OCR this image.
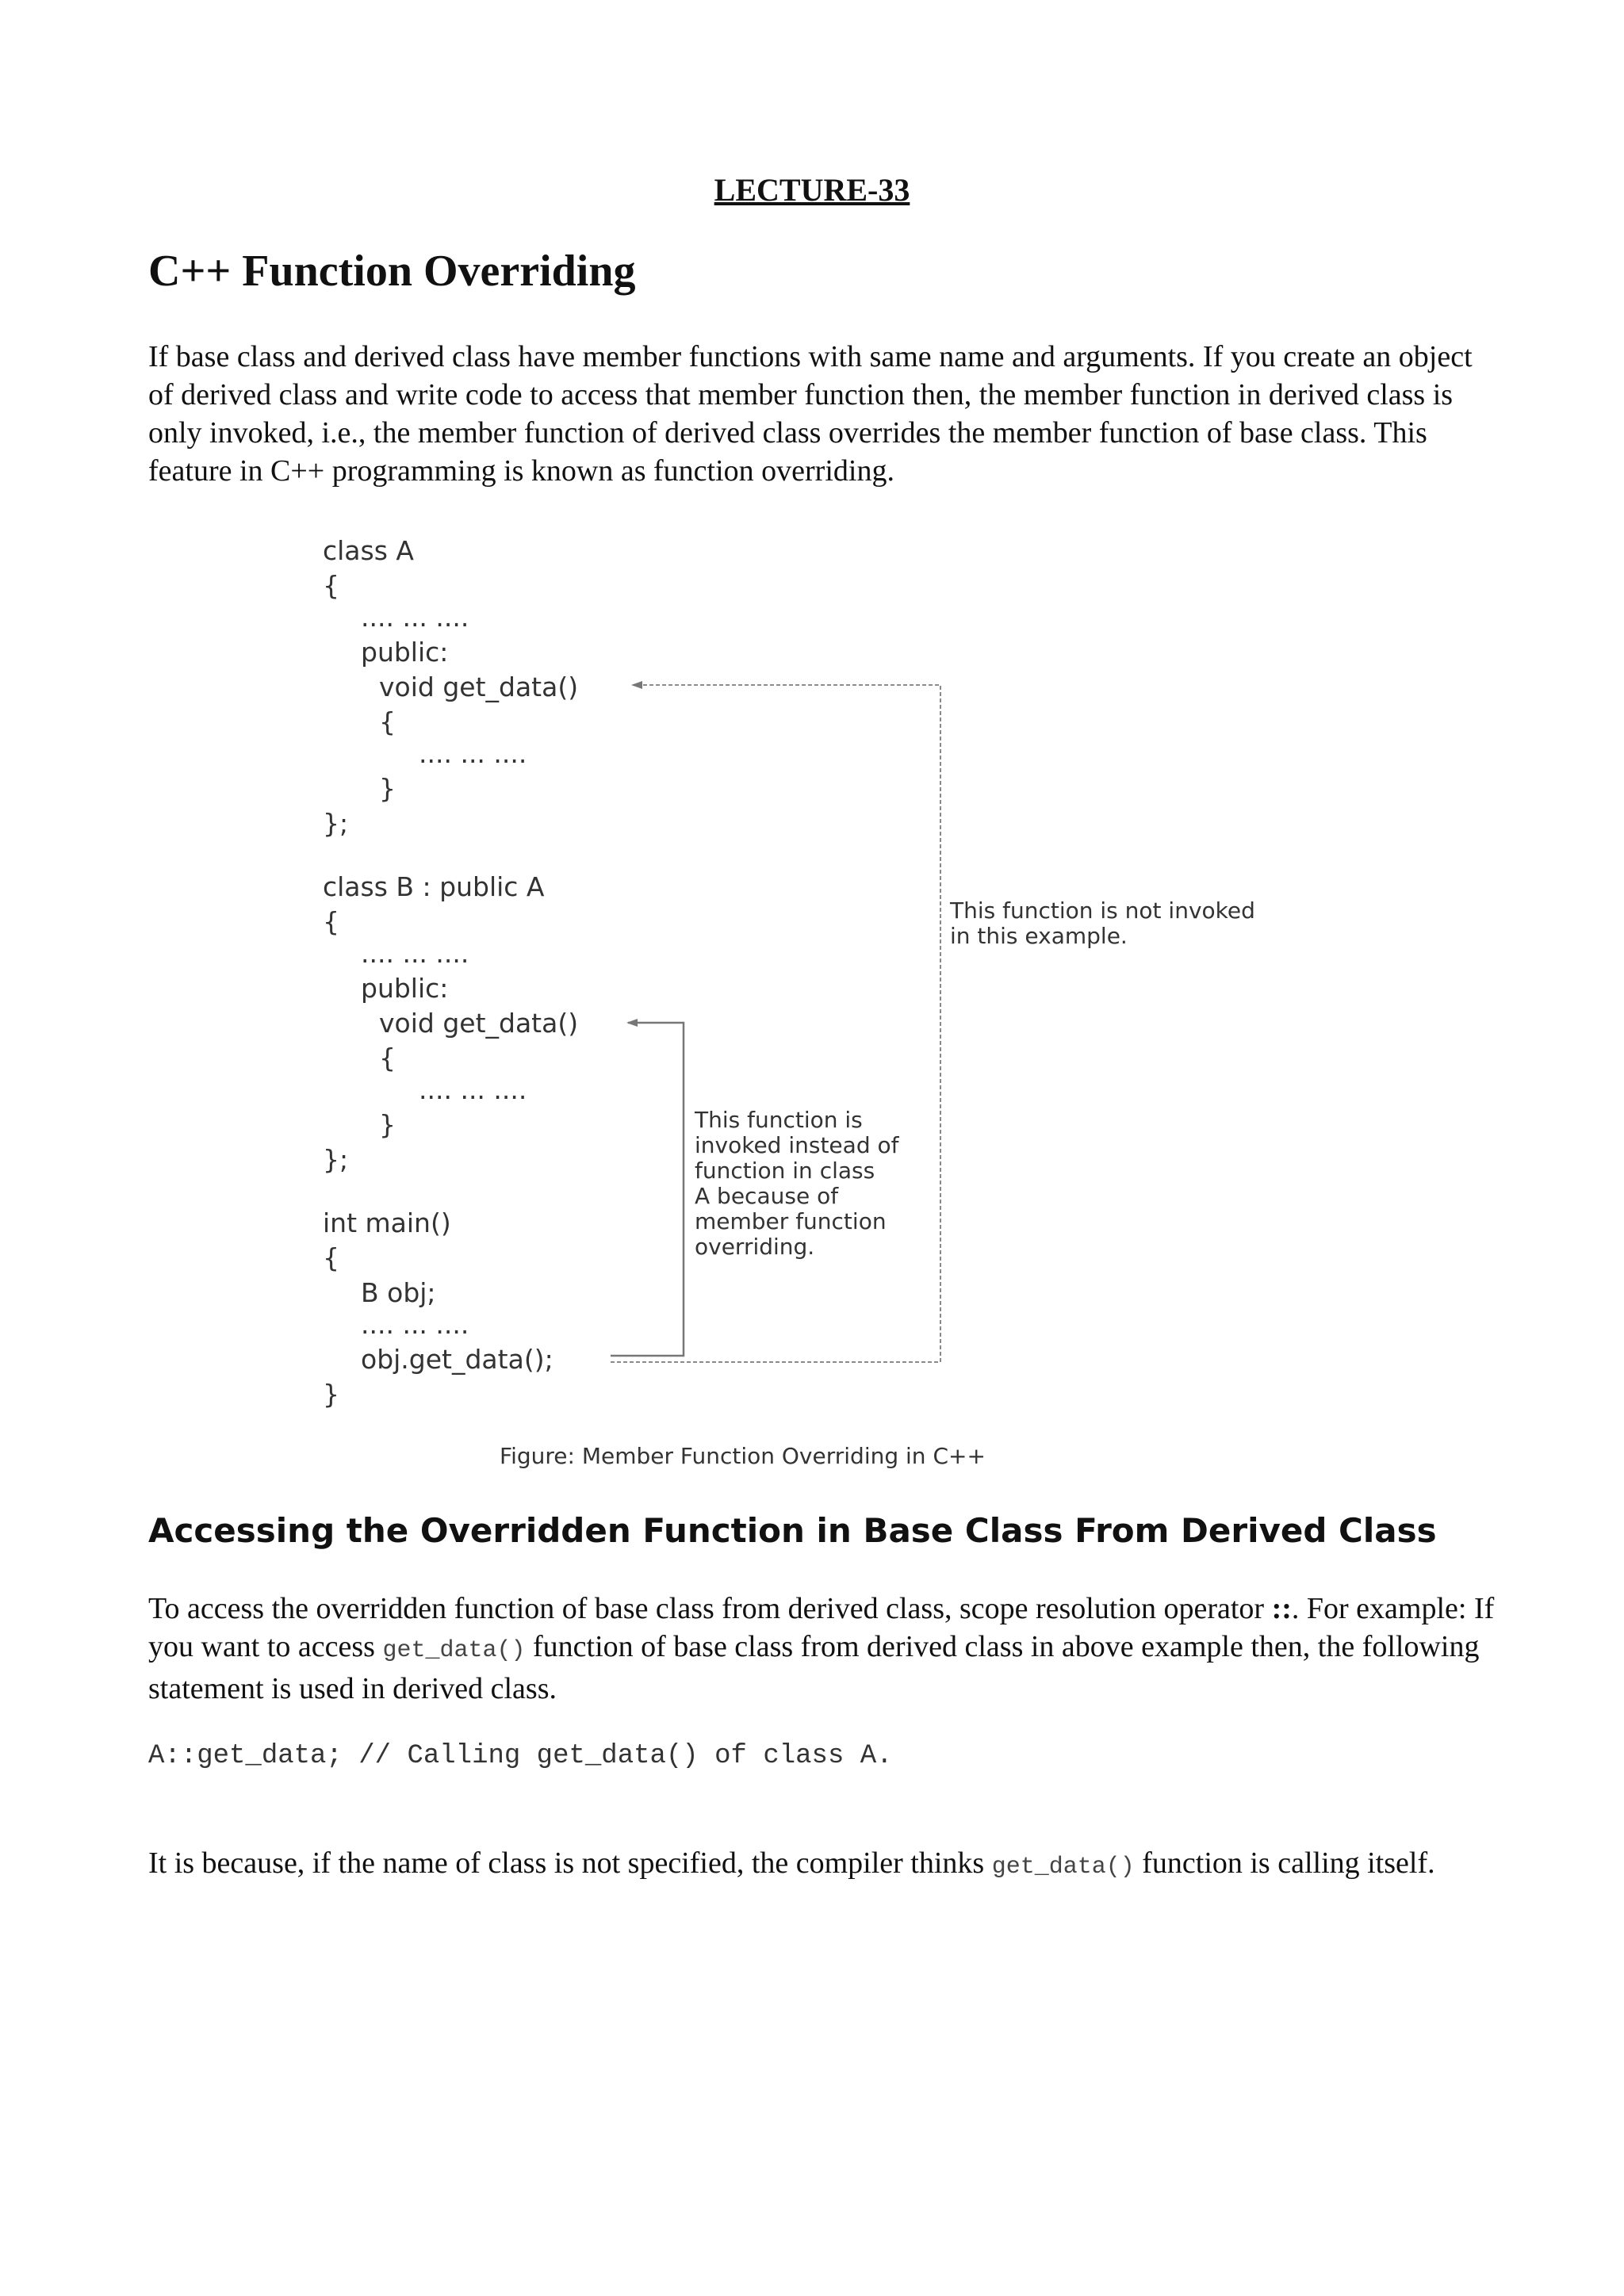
LECTURE-33
C++ Function Overriding

If base class and derived class have member functions with same name and arguments. If you create an object of derived class and write code to access that member function then, the member function in derived class is only invoked, i.e., the member function of derived class overrides the member function of base class. This feature in C++ programming is known as function overriding.

class A
{
.... ... ....
public:
void get_data()
{
.... ... ....
}
};
class B : public A
{
.... ... ....
public:
void get_data()
{
.... ... ....
}
};
int main()
{
B obj;
.... ... ....
obj.get_data();
}
This function is not invoked
in this example.
This function is
invoked instead of
function in class
A because of
member function
overriding.
Figure: Member Function Overriding in C++
Accessing the Overridden Function in Base Class From Derived Class

To access the overridden function of base class from derived class, scope resolution operator ::. For example: If you want to access get_data() function of base class from derived class in above example then, the following statement is used in derived class.

A::get_data; // Calling get_data() of class A.

It is because, if the name of class is not specified, the compiler thinks get_data() function is calling itself.
